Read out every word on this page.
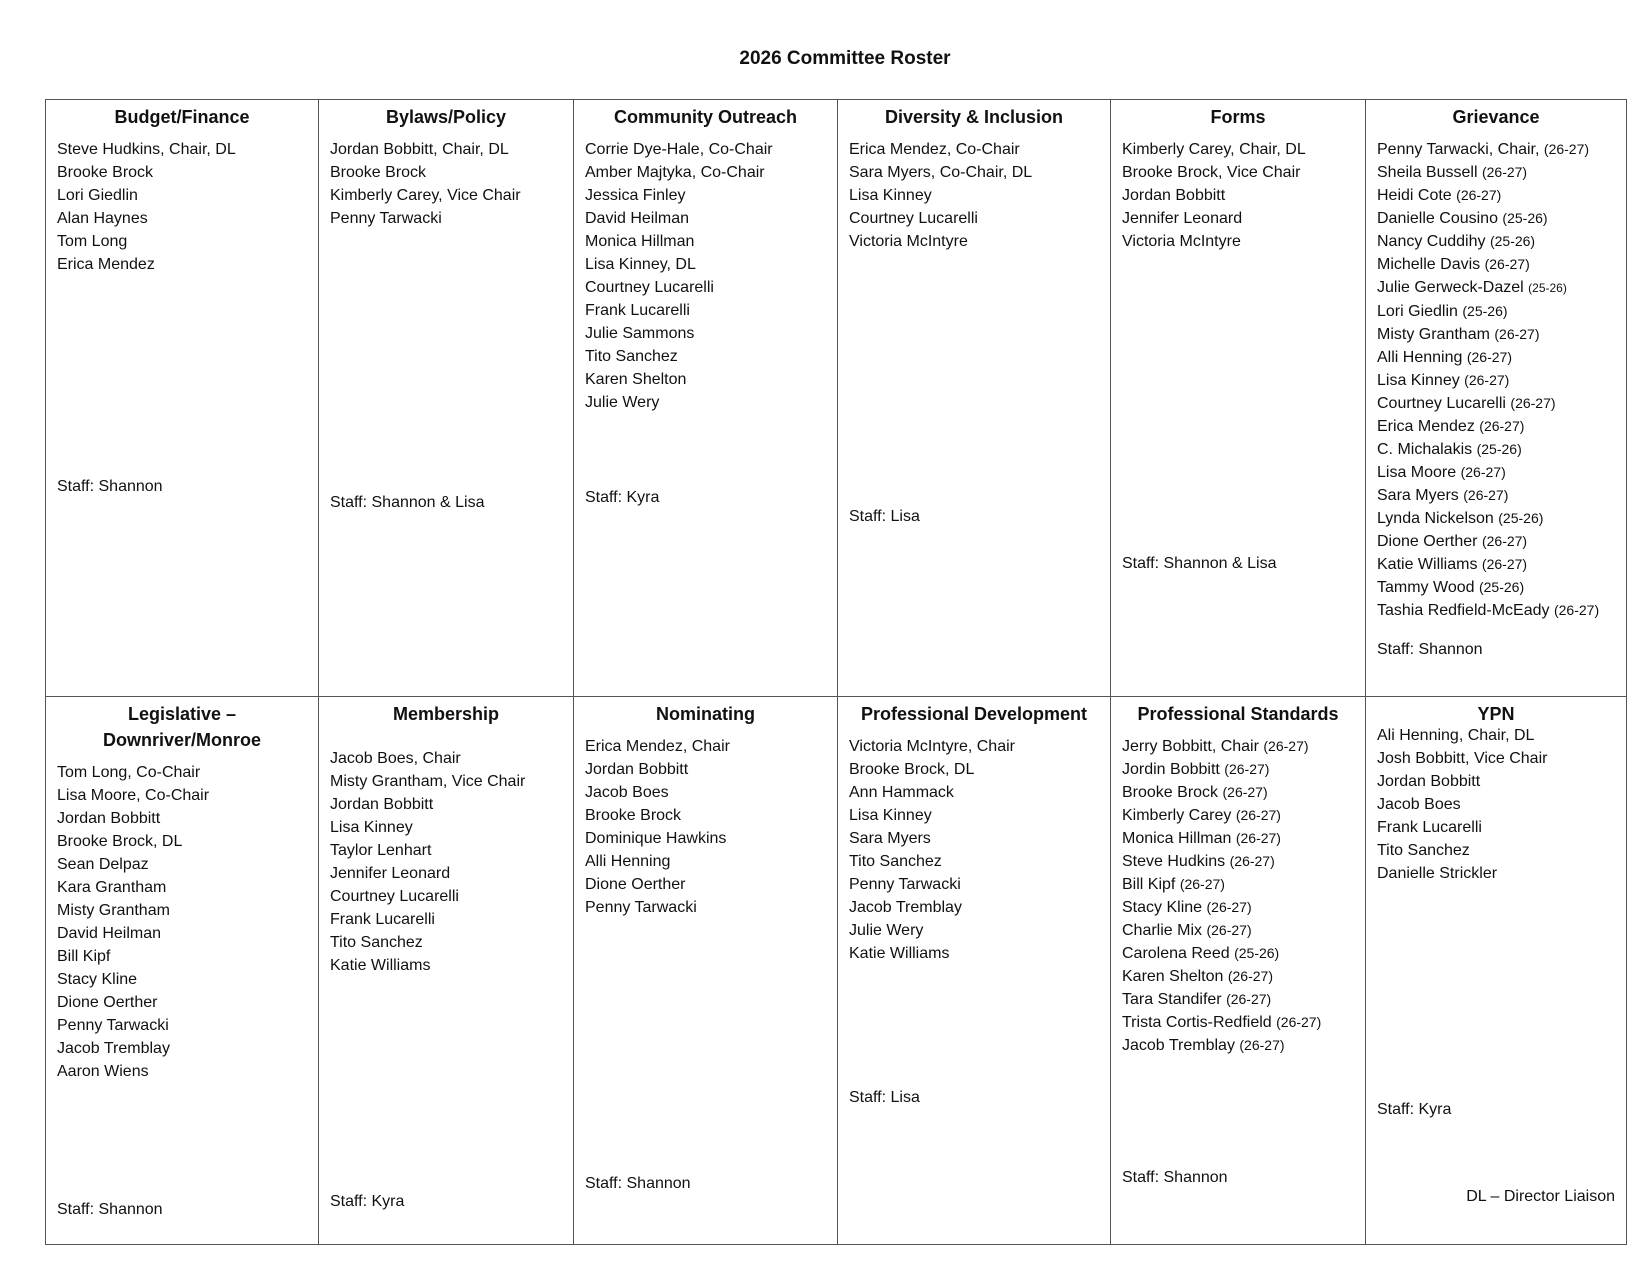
2026 Committee Roster
Budget/Finance
Steve Hudkins, Chair, DL
Brooke Brock
Lori Giedlin
Alan Haynes
Tom Long
Erica Mendez
Staff: Shannon
Bylaws/Policy
Jordan Bobbitt, Chair, DL
Brooke Brock
Kimberly Carey, Vice Chair
Penny Tarwacki
Staff: Shannon & Lisa
Community Outreach
Corrie Dye-Hale, Co-Chair
Amber Majtyka, Co-Chair
Jessica Finley
David Heilman
Monica Hillman
Lisa Kinney, DL
Courtney Lucarelli
Frank Lucarelli
Julie Sammons
Tito Sanchez
Karen Shelton
Julie Wery
Staff: Kyra
Diversity & Inclusion
Erica Mendez, Co-Chair
Sara Myers, Co-Chair, DL
Lisa Kinney
Courtney Lucarelli
Victoria McIntyre
Staff: Lisa
Forms
Kimberly Carey, Chair, DL
Brooke Brock, Vice Chair
Jordan Bobbitt
Jennifer Leonard
Victoria McIntyre
Staff: Shannon & Lisa
Grievance
Penny Tarwacki, Chair, (26-27)
Sheila Bussell (26-27)
Heidi Cote (26-27)
Danielle Cousino (25-26)
Nancy Cuddihy (25-26)
Michelle Davis (26-27)
Julie Gerweck-Dazel (25-26)
Lori Giedlin (25-26)
Misty Grantham (26-27)
Alli Henning (26-27)
Lisa Kinney (26-27)
Courtney Lucarelli (26-27)
Erica Mendez (26-27)
C. Michalakis (25-26)
Lisa Moore (26-27)
Sara Myers (26-27)
Lynda Nickelson (25-26)
Dione Oerther (26-27)
Katie Williams (26-27)
Tammy Wood (25-26)
Tashia Redfield-McEady (26-27)
Staff: Shannon
Legislative – Downriver/Monroe
Tom Long, Co-Chair
Lisa Moore, Co-Chair
Jordan Bobbitt
Brooke Brock, DL
Sean Delpaz
Kara Grantham
Misty Grantham
David Heilman
Bill Kipf
Stacy Kline
Dione Oerther
Penny Tarwacki
Jacob Tremblay
Aaron Wiens
Staff: Shannon
Membership
Jacob Boes, Chair
Misty Grantham, Vice Chair
Jordan Bobbitt
Lisa Kinney
Taylor Lenhart
Jennifer Leonard
Courtney Lucarelli
Frank Lucarelli
Tito Sanchez
Katie Williams
Staff: Kyra
Nominating
Erica Mendez, Chair
Jordan Bobbitt
Jacob Boes
Brooke Brock
Dominique Hawkins
Alli Henning
Dione Oerther
Penny Tarwacki
Staff: Shannon
Professional Development
Victoria McIntyre, Chair
Brooke Brock, DL
Ann Hammack
Lisa Kinney
Sara Myers
Tito Sanchez
Penny Tarwacki
Jacob Tremblay
Julie Wery
Katie Williams
Staff: Lisa
Professional Standards
Jerry Bobbitt, Chair (26-27)
Jordin Bobbitt (26-27)
Brooke Brock (26-27)
Kimberly Carey (26-27)
Monica Hillman (26-27)
Steve Hudkins (26-27)
Bill Kipf (26-27)
Stacy Kline (26-27)
Charlie Mix (26-27)
Carolena Reed (25-26)
Karen Shelton (26-27)
Tara Standifer (26-27)
Trista Cortis-Redfield (26-27)
Jacob Tremblay (26-27)
Staff: Shannon
YPN
Ali Henning, Chair, DL
Josh Bobbitt, Vice Chair
Jordan Bobbitt
Jacob Boes
Frank Lucarelli
Tito Sanchez
Danielle Strickler
Staff: Kyra
DL – Director Liaison
